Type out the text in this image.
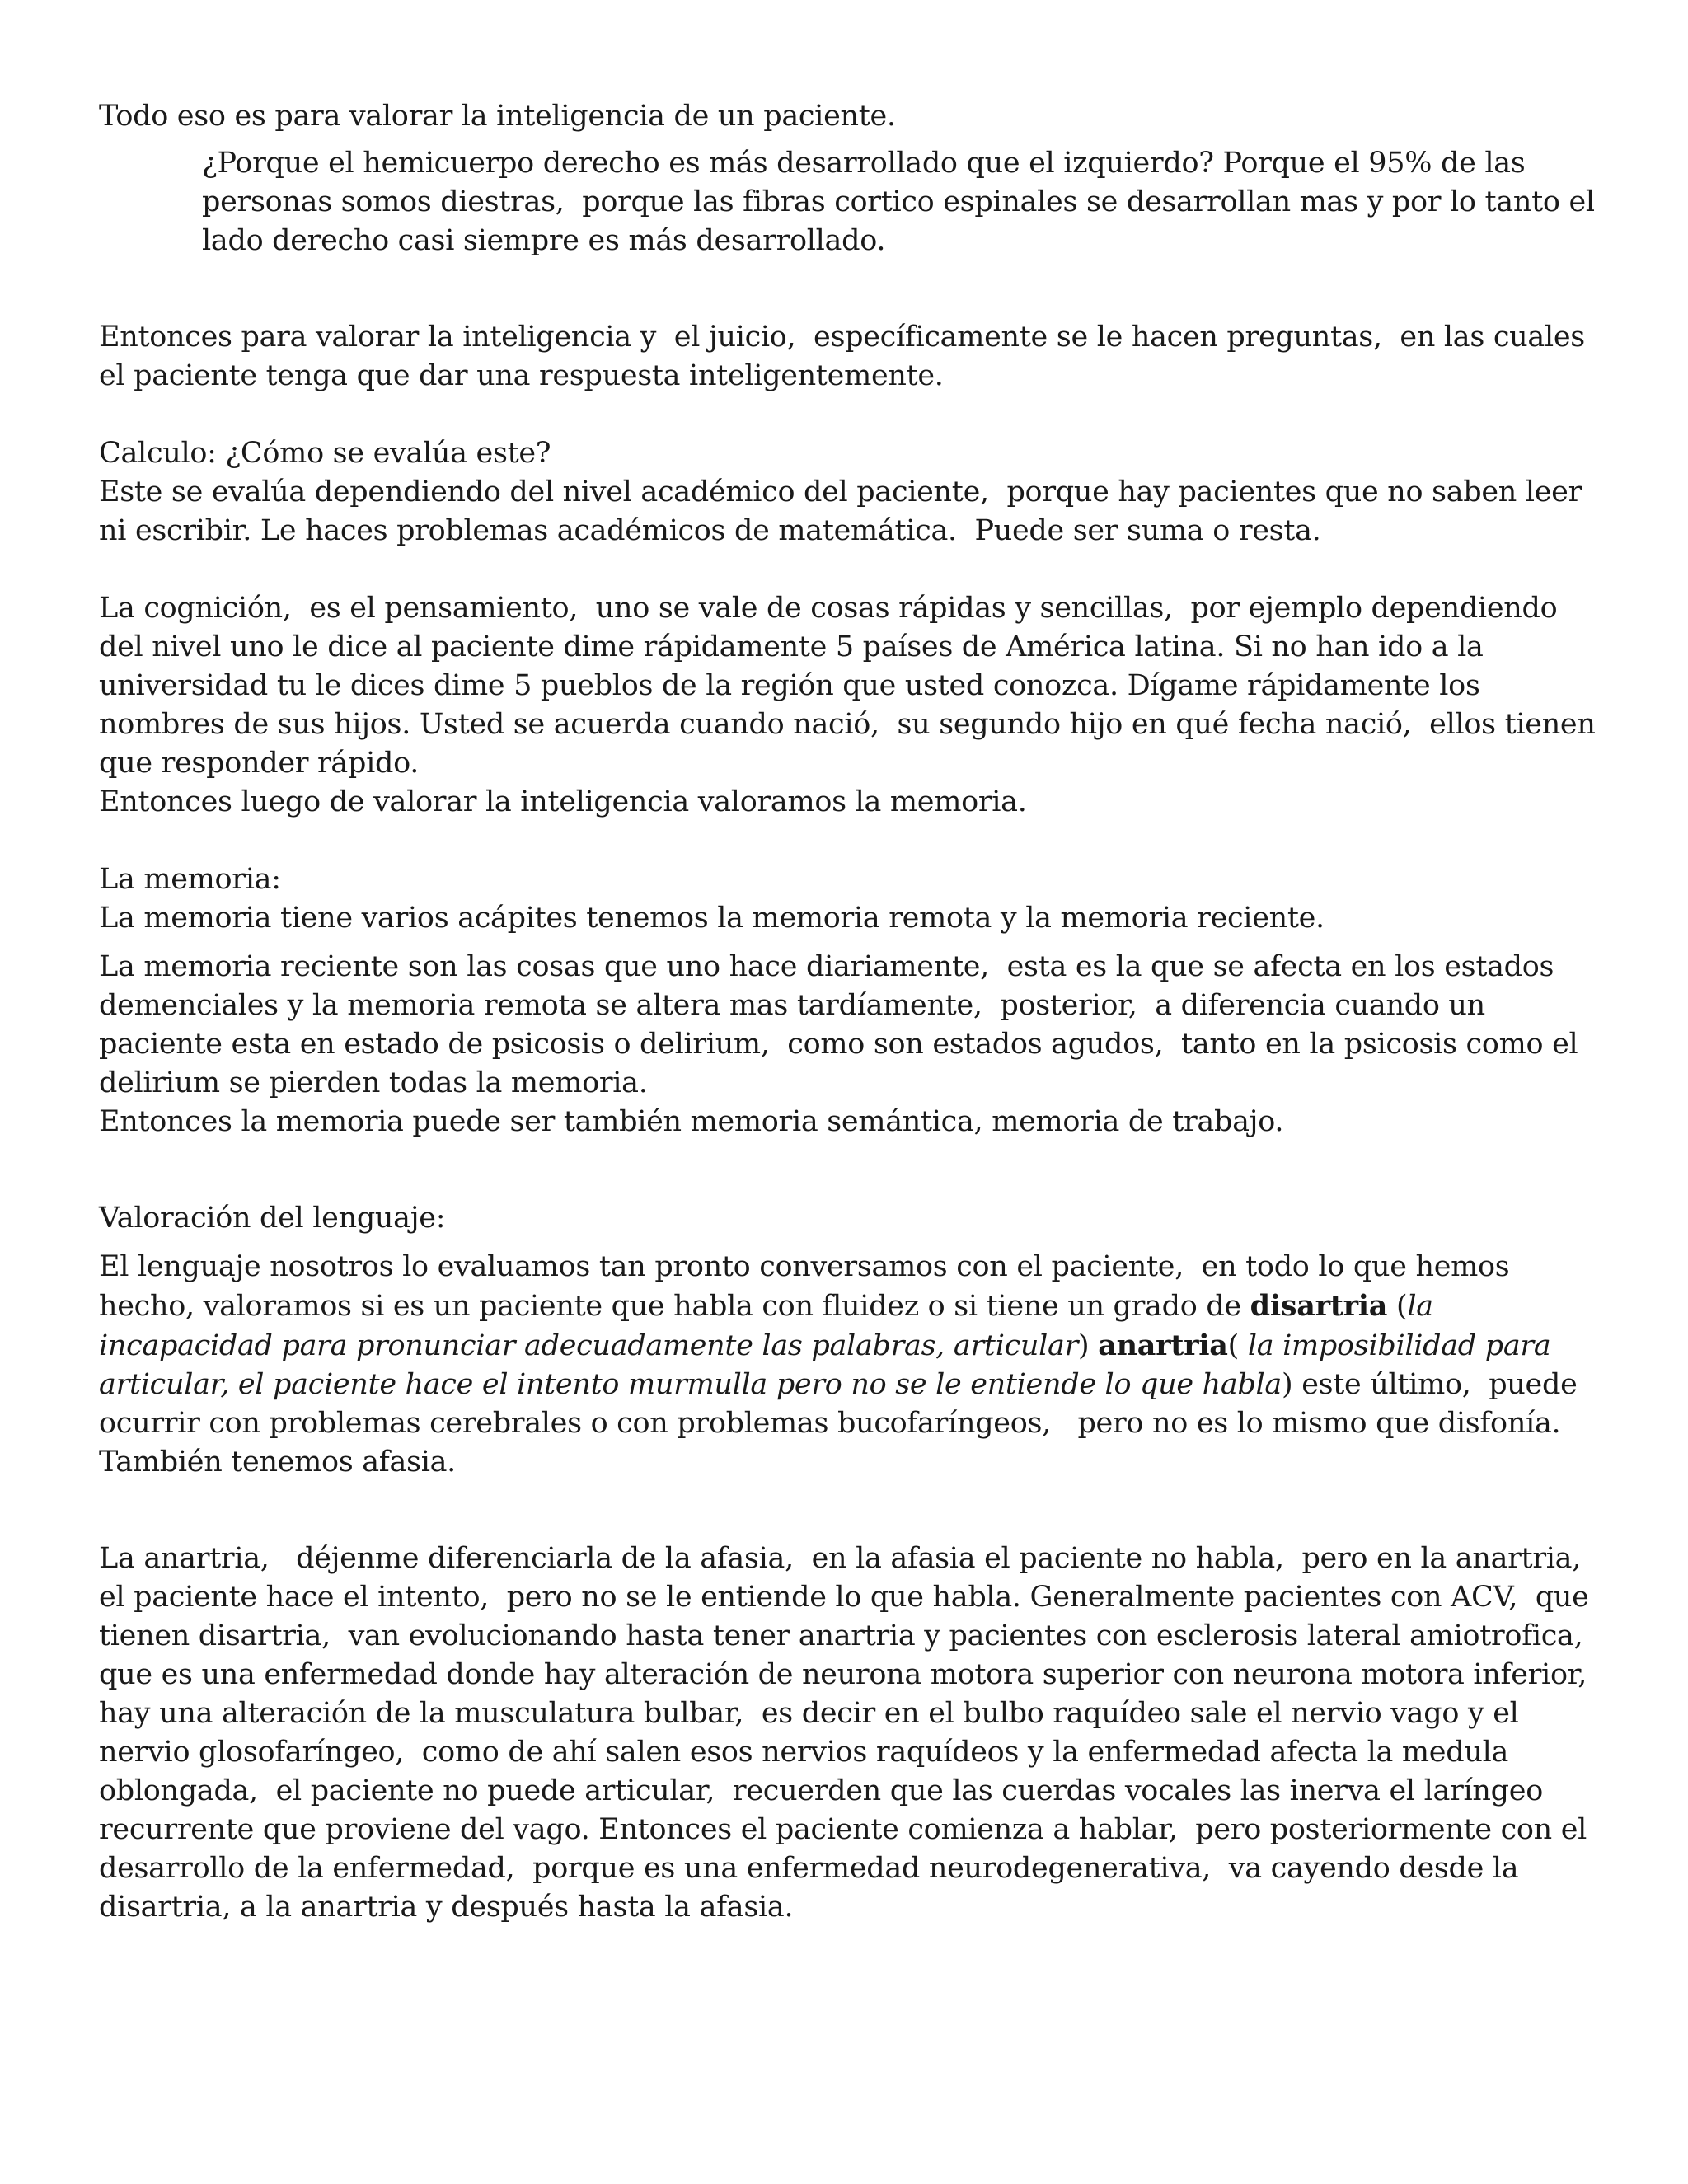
Todo eso es para valorar la inteligencia de un paciente.

¿Porque el hemicuerpo derecho es más desarrollado que el izquierdo? Porque el 95% de las personas somos diestras,  porque las fibras cortico espinales se desarrollan mas y por lo tanto el lado derecho casi siempre es más desarrollado.

Entonces para valorar la inteligencia y  el juicio,  específicamente se le hacen preguntas,  en las cuales el paciente tenga que dar una respuesta inteligentemente.

Calculo: ¿Cómo se evalúa este?

Este se evalúa dependiendo del nivel académico del paciente,  porque hay pacientes que no saben leer ni escribir. Le haces problemas académicos de matemática.  Puede ser suma o resta.

La cognición,  es el pensamiento,  uno se vale de cosas rápidas y sencillas,  por ejemplo dependiendo del nivel uno le dice al paciente dime rápidamente 5 países de América latina. Si no han ido a la universidad tu le dices dime 5 pueblos de la región que usted conozca. Dígame rápidamente los nombres de sus hijos. Usted se acuerda cuando nació,  su segundo hijo en qué fecha nació,  ellos tienen que responder rápido.

Entonces luego de valorar la inteligencia valoramos la memoria.

La memoria:

La memoria tiene varios acápites tenemos la memoria remota y la memoria reciente.

La memoria reciente son las cosas que uno hace diariamente,  esta es la que se afecta en los estados demenciales y la memoria remota se altera mas tardíamente,  posterior,  a diferencia cuando un paciente esta en estado de psicosis o delirium,  como son estados agudos,  tanto en la psicosis como el delirium se pierden todas la memoria.

Entonces la memoria puede ser también memoria semántica, memoria de trabajo.

Valoración del lenguaje:

El lenguaje nosotros lo evaluamos tan pronto conversamos con el paciente,  en todo lo que hemos hecho, valoramos si es un paciente que habla con fluidez o si tiene un grado de disartria (la incapacidad para pronunciar adecuadamente las palabras, articular) anartria( la imposibilidad para articular, el paciente hace el intento murmulla pero no se le entiende lo que habla) este último,  puede ocurrir con problemas cerebrales o con problemas bucofaríngeos,   pero no es lo mismo que disfonía. También tenemos afasia.

La anartria,   déjenme diferenciarla de la afasia,  en la afasia el paciente no habla,  pero en la anartria,  el paciente hace el intento,  pero no se le entiende lo que habla. Generalmente pacientes con ACV,  que tienen disartria,  van evolucionando hasta tener anartria y pacientes con esclerosis lateral amiotrofica, que es una enfermedad donde hay alteración de neurona motora superior con neurona motora inferior, hay una alteración de la musculatura bulbar,  es decir en el bulbo raquídeo sale el nervio vago y el nervio glosofaríngeo,  como de ahí salen esos nervios raquídeos y la enfermedad afecta la medula oblongada,  el paciente no puede articular,  recuerden que las cuerdas vocales las inerva el laríngeo recurrente que proviene del vago. Entonces el paciente comienza a hablar,  pero posteriormente con el desarrollo de la enfermedad,  porque es una enfermedad neurodegenerativa,  va cayendo desde la disartria, a la anartria y después hasta la afasia.
